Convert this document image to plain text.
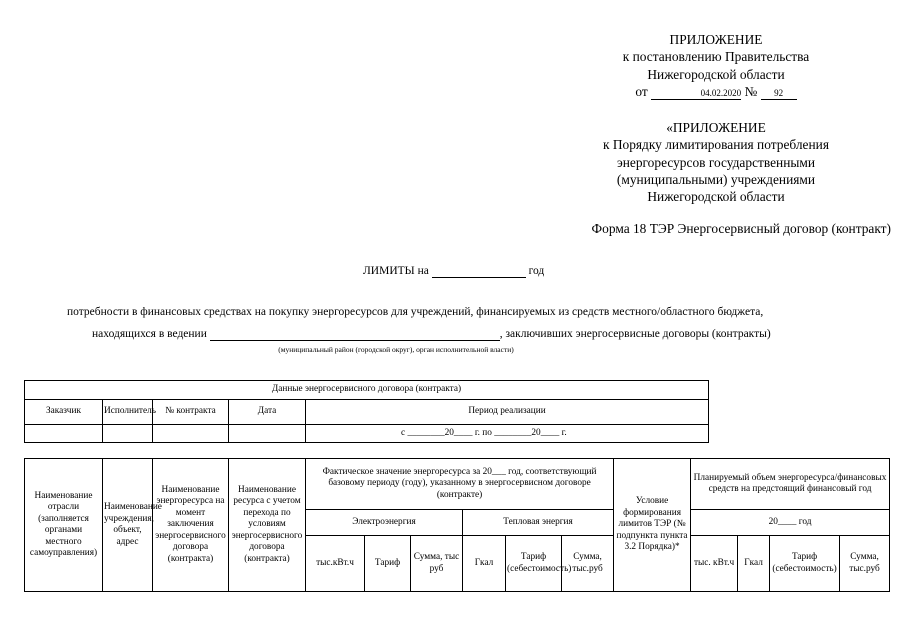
ПРИЛОЖЕНИЕ
к постановлению Правительства
Нижегородской области
от	04.02.2020 № 92
«ПРИЛОЖЕНИЕ
к Порядку лимитирования потребления
энергоресурсов государственными
(муниципальными) учреждениями
Нижегородской области
Форма 18 ТЭР Энергосервисный договор (контракт)
ЛИМИТЫ на	год
потребности в финансовых средствах на покупку энергоресурсов для учреждений, финансируемых из средств местного/областного бюджета,
находящихся в ведении	, заключивших энергосервисные договоры (контракты)
(муниципальный район (городской округ), орган исполнительной власти)
Данные энергосервисного договора (контракта)				
Заказчик	Исполнитель	№ контракта	Дата	Период реализации
				с ________20____ г. по ________20____ г.
Наименование отрасли (заполняется органами местного самоуправления)	Наименование учреждения, объект, адрес	Наименование энергоресурса на момент заключения энергосервисного договора (контракта)	Наименование ресурса с учетом перехода по условиям энергосервисного договора (контракта)	Фактическое значение энергоресурса за 20___ год, соответствующий базовому периоду (году), указанному в энергосервисном договоре (контракте)						Условие формирования лимитов ТЭР (№ подпункта пункта 3.2 Порядка)*	Планируемый объем энергоресурса/финансовых средств на предстоящий финансовый год			
				Электроэнергия			Тепловая энергия				20____ год			
				тыс.кВт.ч	Тариф	Сумма, тыс руб	Гкал	Тариф (себестоимость)	Сумма, тыс.руб		тыс. кВт.ч	Гкал	Тариф (себестоимость)	Сумма, тыс.руб
